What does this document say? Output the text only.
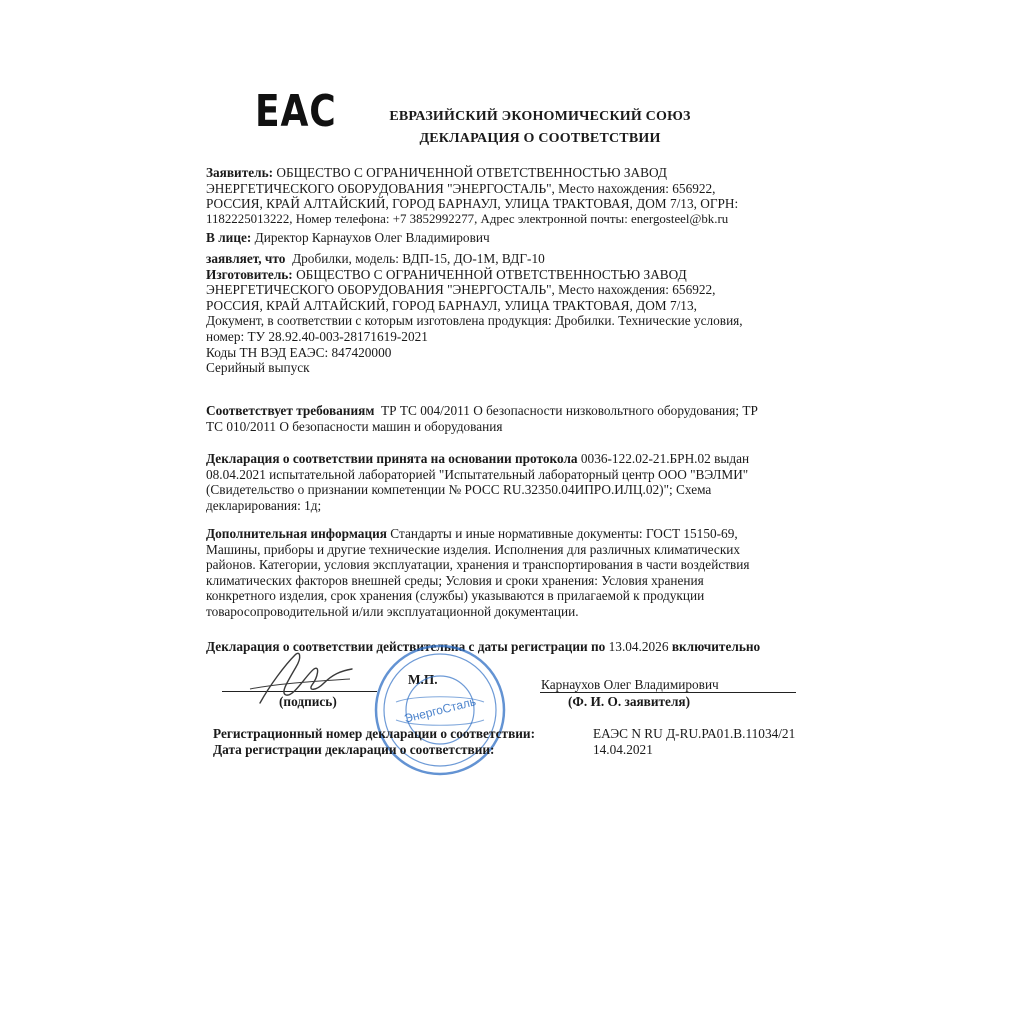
EAC	ЕВРАЗИЙСКИЙ ЭКОНОМИЧЕСКИЙ СОЮЗ
ДЕКЛАРАЦИЯ О СООТВЕТСТВИИ

Заявитель: ОБЩЕСТВО С ОГРАНИЧЕННОЙ ОТВЕТСТВЕННОСТЬЮ ЗАВОД

ЭНЕРГЕТИЧЕСКОГО ОБОРУДОВАНИЯ "ЭНЕРГОСТАЛЬ", Место нахождения: 656922,

РОССИЯ, КРАЙ АЛТАЙСКИЙ, ГОРОД БАРНАУЛ, УЛИЦА ТРАКТОВАЯ, ДОМ 7/13, ОГРН:

1182225013222, Номер телефона: +7 3852992277, Адрес электронной почты: energosteel@bk.ru

В лице: Директор Карнаухов Олег Владимирович

заявляет, что Дробилки, модель: ВДП-15, ДО-1М, ВДГ-10

Изготовитель: ОБЩЕСТВО С ОГРАНИЧЕННОЙ ОТВЕТСТВЕННОСТЬЮ ЗАВОД

ЭНЕРГЕТИЧЕСКОГО ОБОРУДОВАНИЯ "ЭНЕРГОСТАЛЬ", Место нахождения: 656922,

РОССИЯ, КРАЙ АЛТАЙСКИЙ, ГОРОД БАРНАУЛ, УЛИЦА ТРАКТОВАЯ, ДОМ 7/13,

Документ, в соответствии с которым изготовлена продукция: Дробилки. Технические условия,

номер: ТУ 28.92.40-003-28171619-2021

Коды ТН ВЭД ЕАЭС: 847420000

Серийный выпуск

Соответствует требованиям ТР ТС 004/2011 О безопасности низковольтного оборудования; ТР

ТС 010/2011 О безопасности машин и оборудования

Декларация о соответствии принята на основании протокола 0036-122.02-21.БРН.02 выдан

08.04.2021 испытательной лабораторией "Испытательный лабораторный центр ООО "ВЭЛМИ"

(Свидетельство о признании компетенции № РОСС RU.32350.04ИПРО.ИЛЦ.02)"; Схема

декларирования: 1д;

Дополнительная информация Стандарты и иные нормативные документы: ГОСТ 15150-69,

Машины, приборы и другие технические изделия. Исполнения для различных климатических

районов. Категории, условия эксплуатации, хранения и транспортирования в части воздействия

климатических факторов внешней среды; Условия и сроки хранения: Условия хранения

конкретного изделия, срок хранения (службы) указываются в прилагаемой к продукции

товаросопроводительной и/или эксплуатационной документации.

Декларация о соответствии действительна с даты регистрации по 13.04.2026 включительно

М.П.	Карнаухов Олег Владимирович
(подпись)	(Ф. И. О. заявителя)
ЭнергоСталь
Регистрационный номер декларации о соответствии:	ЕАЭС N RU Д-RU.РА01.В.11034/21
Дата регистрации декларации о соответствии:	14.04.2021
